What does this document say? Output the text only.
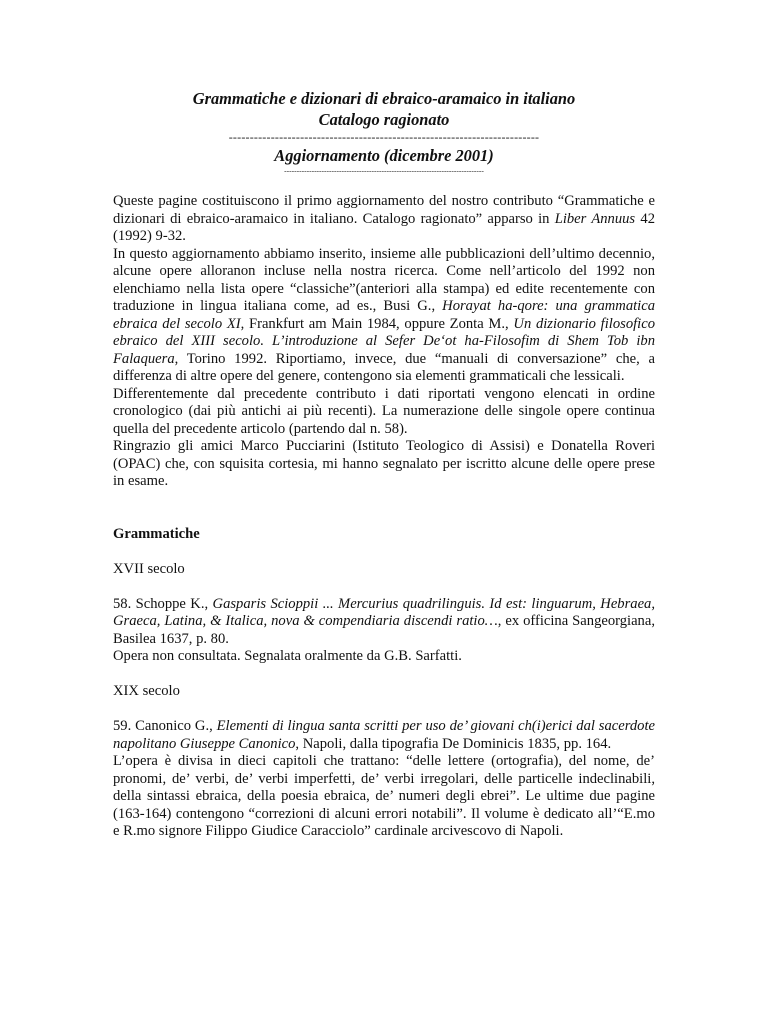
Grammatiche e dizionari di ebraico-aramaico in italiano
Catalogo ragionato
--------------------------------------------------------------------------
Aggiornamento (dicembre 2001)
--------------------------------------------------------------------------------

Queste pagine costituiscono il primo aggiornamento del nostro contributo “Grammatiche e dizionari di ebraico-aramaico in italiano. Catalogo ragionato” apparso in Liber Annuus 42 (1992) 9-32.

In questo aggiornamento abbiamo inserito, insieme alle pubblicazioni dell’ultimo decennio, alcune opere alloranon incluse nella nostra ricerca. Come nell’articolo del 1992 non elenchiamo nella lista opere “classiche”(anteriori alla stampa) ed edite recentemente con traduzione in lingua italiana come, ad es., Busi G., Horayat ha-qore: una grammatica ebraica del secolo XI, Frankfurt am Main 1984, oppure Zonta M., Un dizionario filosofico ebraico del XIII secolo. L’introduzione al Sefer De‘ot ha-Filosofim di Shem Tob ibn Falaquera, Torino 1992. Riportiamo, invece, due “manuali di conversazione” che, a differenza di altre opere del genere, contengono sia elementi grammaticali che lessicali.

Differentemente dal precedente contributo i dati riportati vengono elencati in ordine cronologico (dai più antichi ai più recenti). La numerazione delle singole opere continua quella del precedente articolo (partendo dal n. 58).

Ringrazio gli amici Marco Pucciarini (Istituto Teologico di Assisi) e Donatella Roveri (OPAC) che, con squisita cortesia, mi hanno segnalato per iscritto alcune delle opere prese in esame.

Grammatiche

XVII secolo

58. Schoppe K., Gasparis Scioppii ... Mercurius quadrilinguis. Id est: linguarum, Hebraea, Graeca, Latina, & Italica, nova & compendiaria discendi ratio…, ex officina Sangeorgiana, Basilea 1637, p. 80.

Opera non consultata. Segnalata oralmente da G.B. Sarfatti.

XIX secolo

59. Canonico G., Elementi di lingua santa scritti per uso de’ giovani ch(i)erici dal sacerdote napolitano Giuseppe Canonico, Napoli, dalla tipografia De Dominicis 1835, pp. 164.

L’opera è divisa in dieci capitoli che trattano: “delle lettere (ortografia), del nome, de’ pronomi, de’ verbi, de’ verbi imperfetti, de’ verbi irregolari, delle particelle indeclinabili, della sintassi ebraica, della poesia ebraica, de’ numeri degli ebrei”. Le ultime due pagine (163-164) contengono “correzioni di alcuni errori notabili”. Il volume è dedicato all’“E.mo e R.mo signore Filippo Giudice Caracciolo” cardinale arcivescovo di Napoli.
